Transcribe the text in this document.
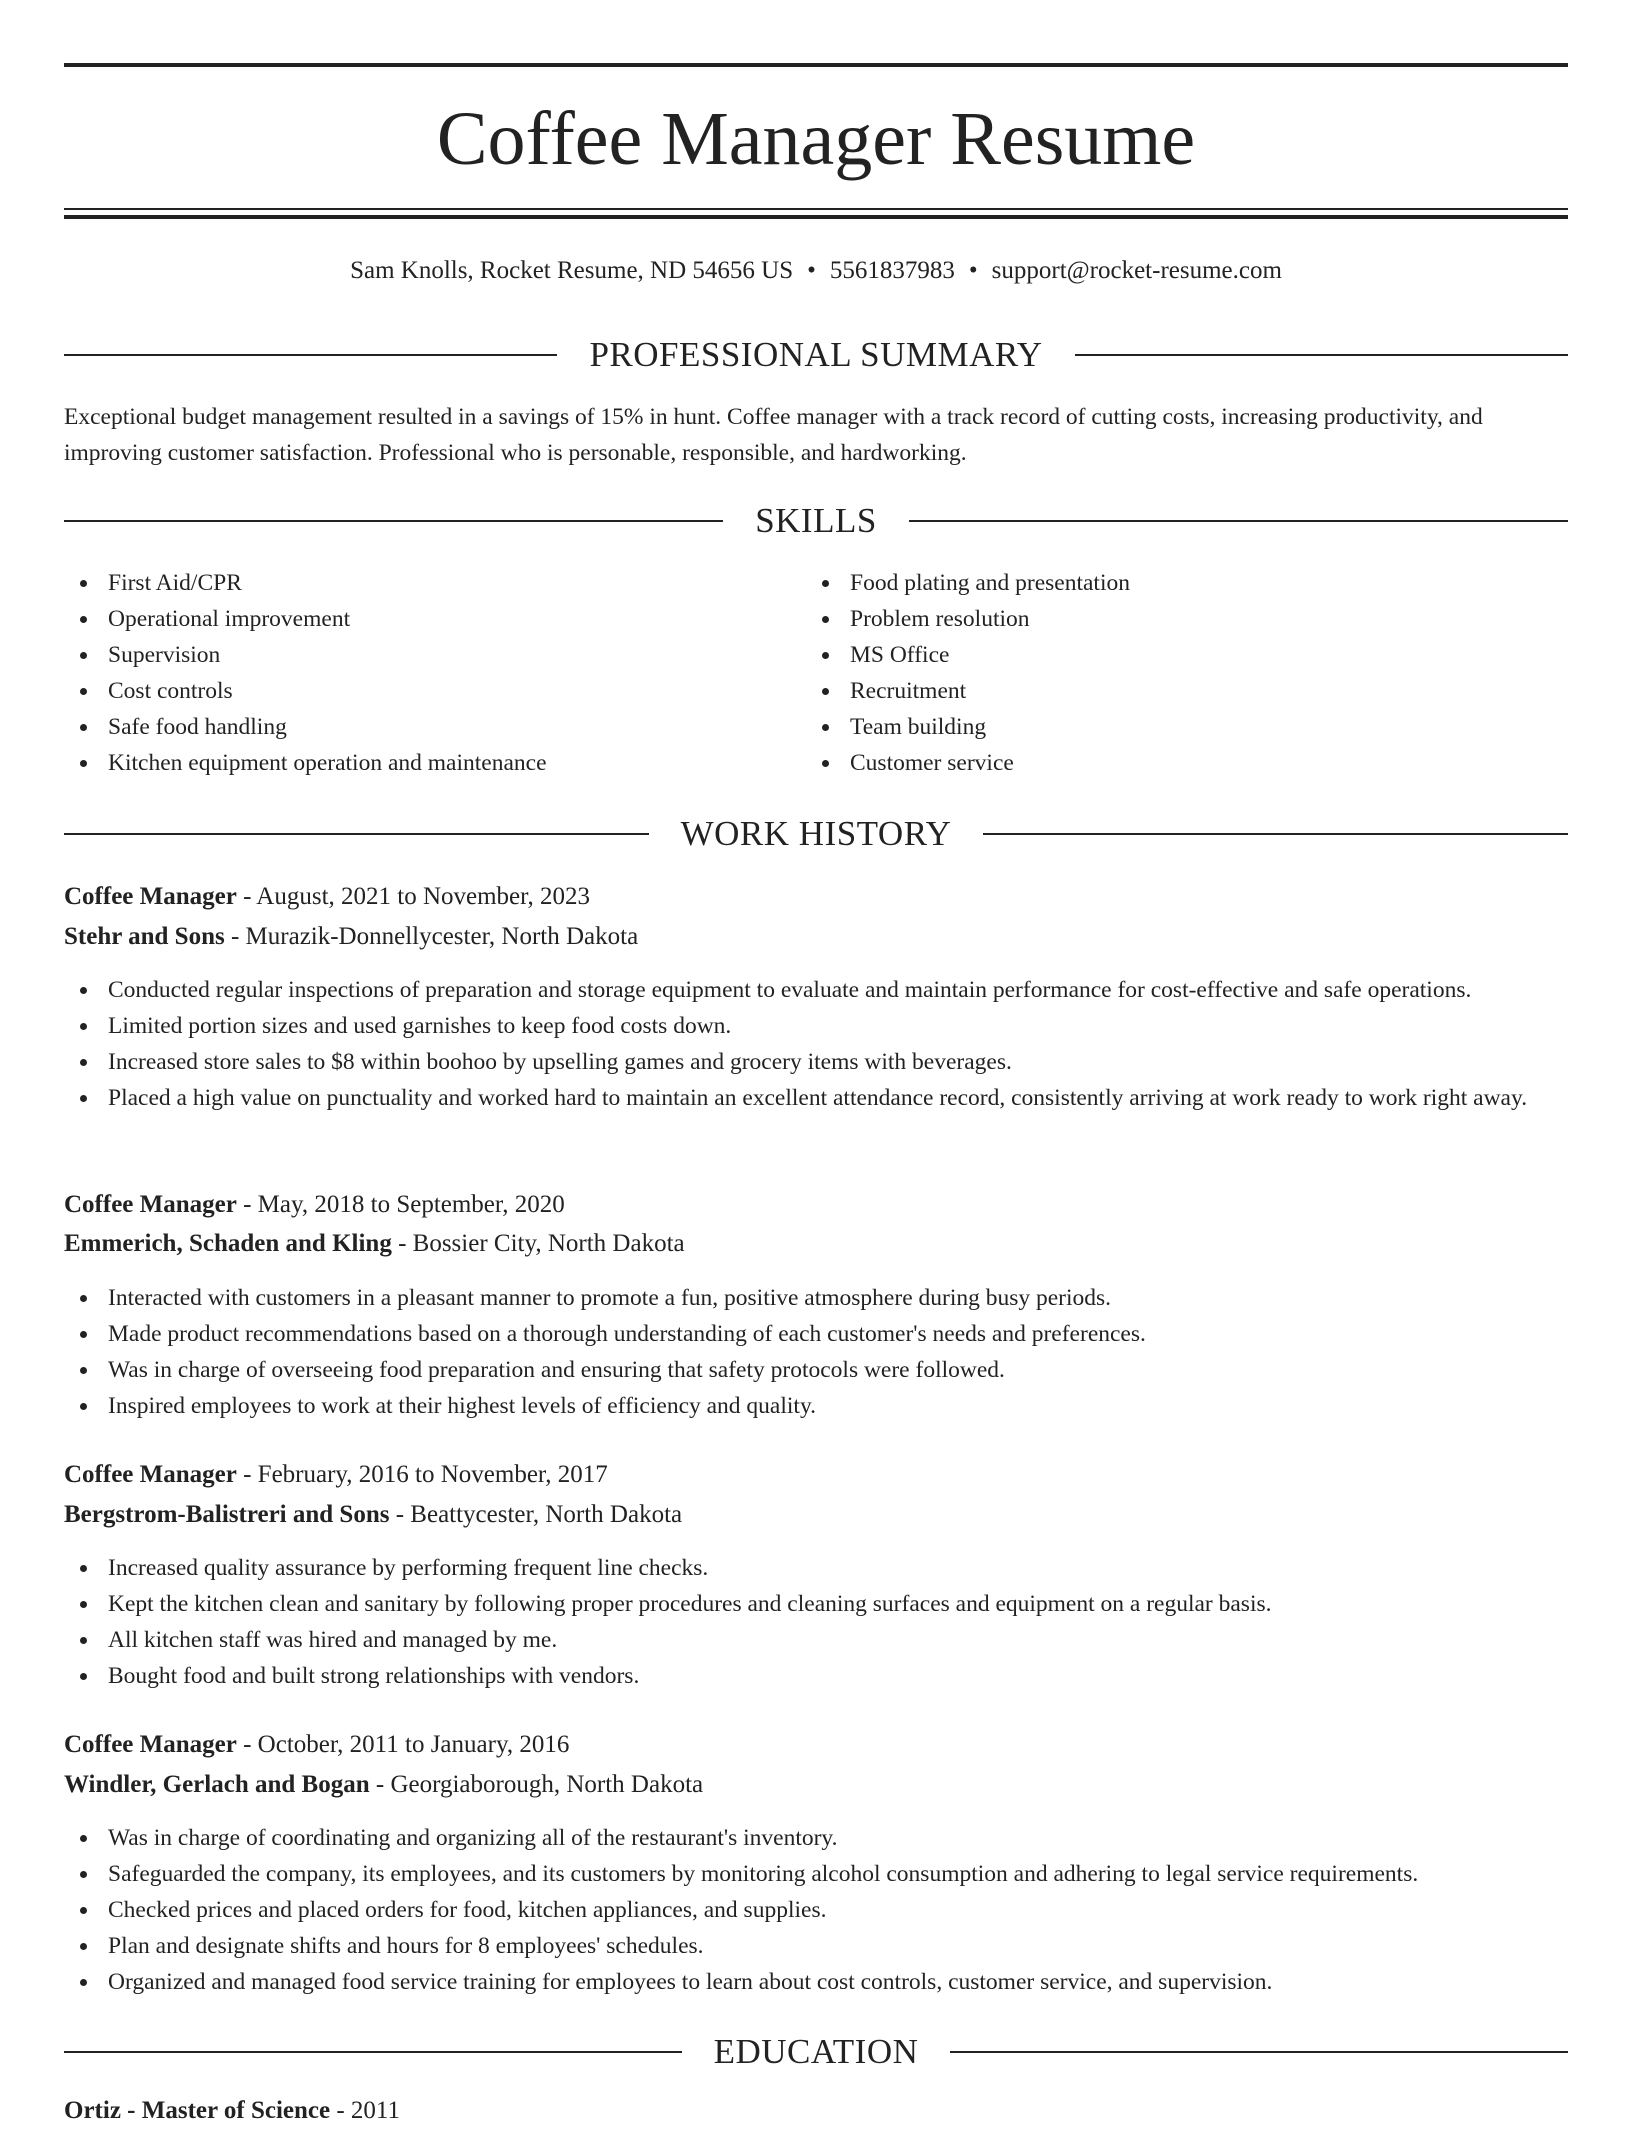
Coffee Manager Resume
Sam Knolls, Rocket Resume, ND 54656 US • 5561837983 • support@rocket-resume.com
PROFESSIONAL SUMMARY

Exceptional budget management resulted in a savings of 15% in hunt. Coffee manager with a track record of cutting costs, increasing productivity, and improving customer satisfaction. Professional who is personable, responsible, and hardworking.

SKILLS
First Aid/CPR
Operational improvement
Supervision
Cost controls
Safe food handling
Kitchen equipment operation and maintenance
Food plating and presentation
Problem resolution
MS Office
Recruitment
Team building
Customer service
WORK HISTORY
Coffee Manager - August, 2021 to November, 2023
Stehr and Sons - Murazik-Donnellycester, North Dakota
Conducted regular inspections of preparation and storage equipment to evaluate and maintain performance for cost-effective and safe operations.
Limited portion sizes and used garnishes to keep food costs down.
Increased store sales to $8 within boohoo by upselling games and grocery items with beverages.
Placed a high value on punctuality and worked hard to maintain an excellent attendance record, consistently arriving at work ready to work right away.
Coffee Manager - May, 2018 to September, 2020
Emmerich, Schaden and Kling - Bossier City, North Dakota
Interacted with customers in a pleasant manner to promote a fun, positive atmosphere during busy periods.
Made product recommendations based on a thorough understanding of each customer's needs and preferences.
Was in charge of overseeing food preparation and ensuring that safety protocols were followed.
Inspired employees to work at their highest levels of efficiency and quality.
Coffee Manager - February, 2016 to November, 2017
Bergstrom-Balistreri and Sons - Beattycester, North Dakota
Increased quality assurance by performing frequent line checks.
Kept the kitchen clean and sanitary by following proper procedures and cleaning surfaces and equipment on a regular basis.
All kitchen staff was hired and managed by me.
Bought food and built strong relationships with vendors.
Coffee Manager - October, 2011 to January, 2016
Windler, Gerlach and Bogan - Georgiaborough, North Dakota
Was in charge of coordinating and organizing all of the restaurant's inventory.
Safeguarded the company, its employees, and its customers by monitoring alcohol consumption and adhering to legal service requirements.
Checked prices and placed orders for food, kitchen appliances, and supplies.
Plan and designate shifts and hours for 8 employees' schedules.
Organized and managed food service training for employees to learn about cost controls, customer service, and supervision.
EDUCATION
Ortiz - Master of Science - 2011
